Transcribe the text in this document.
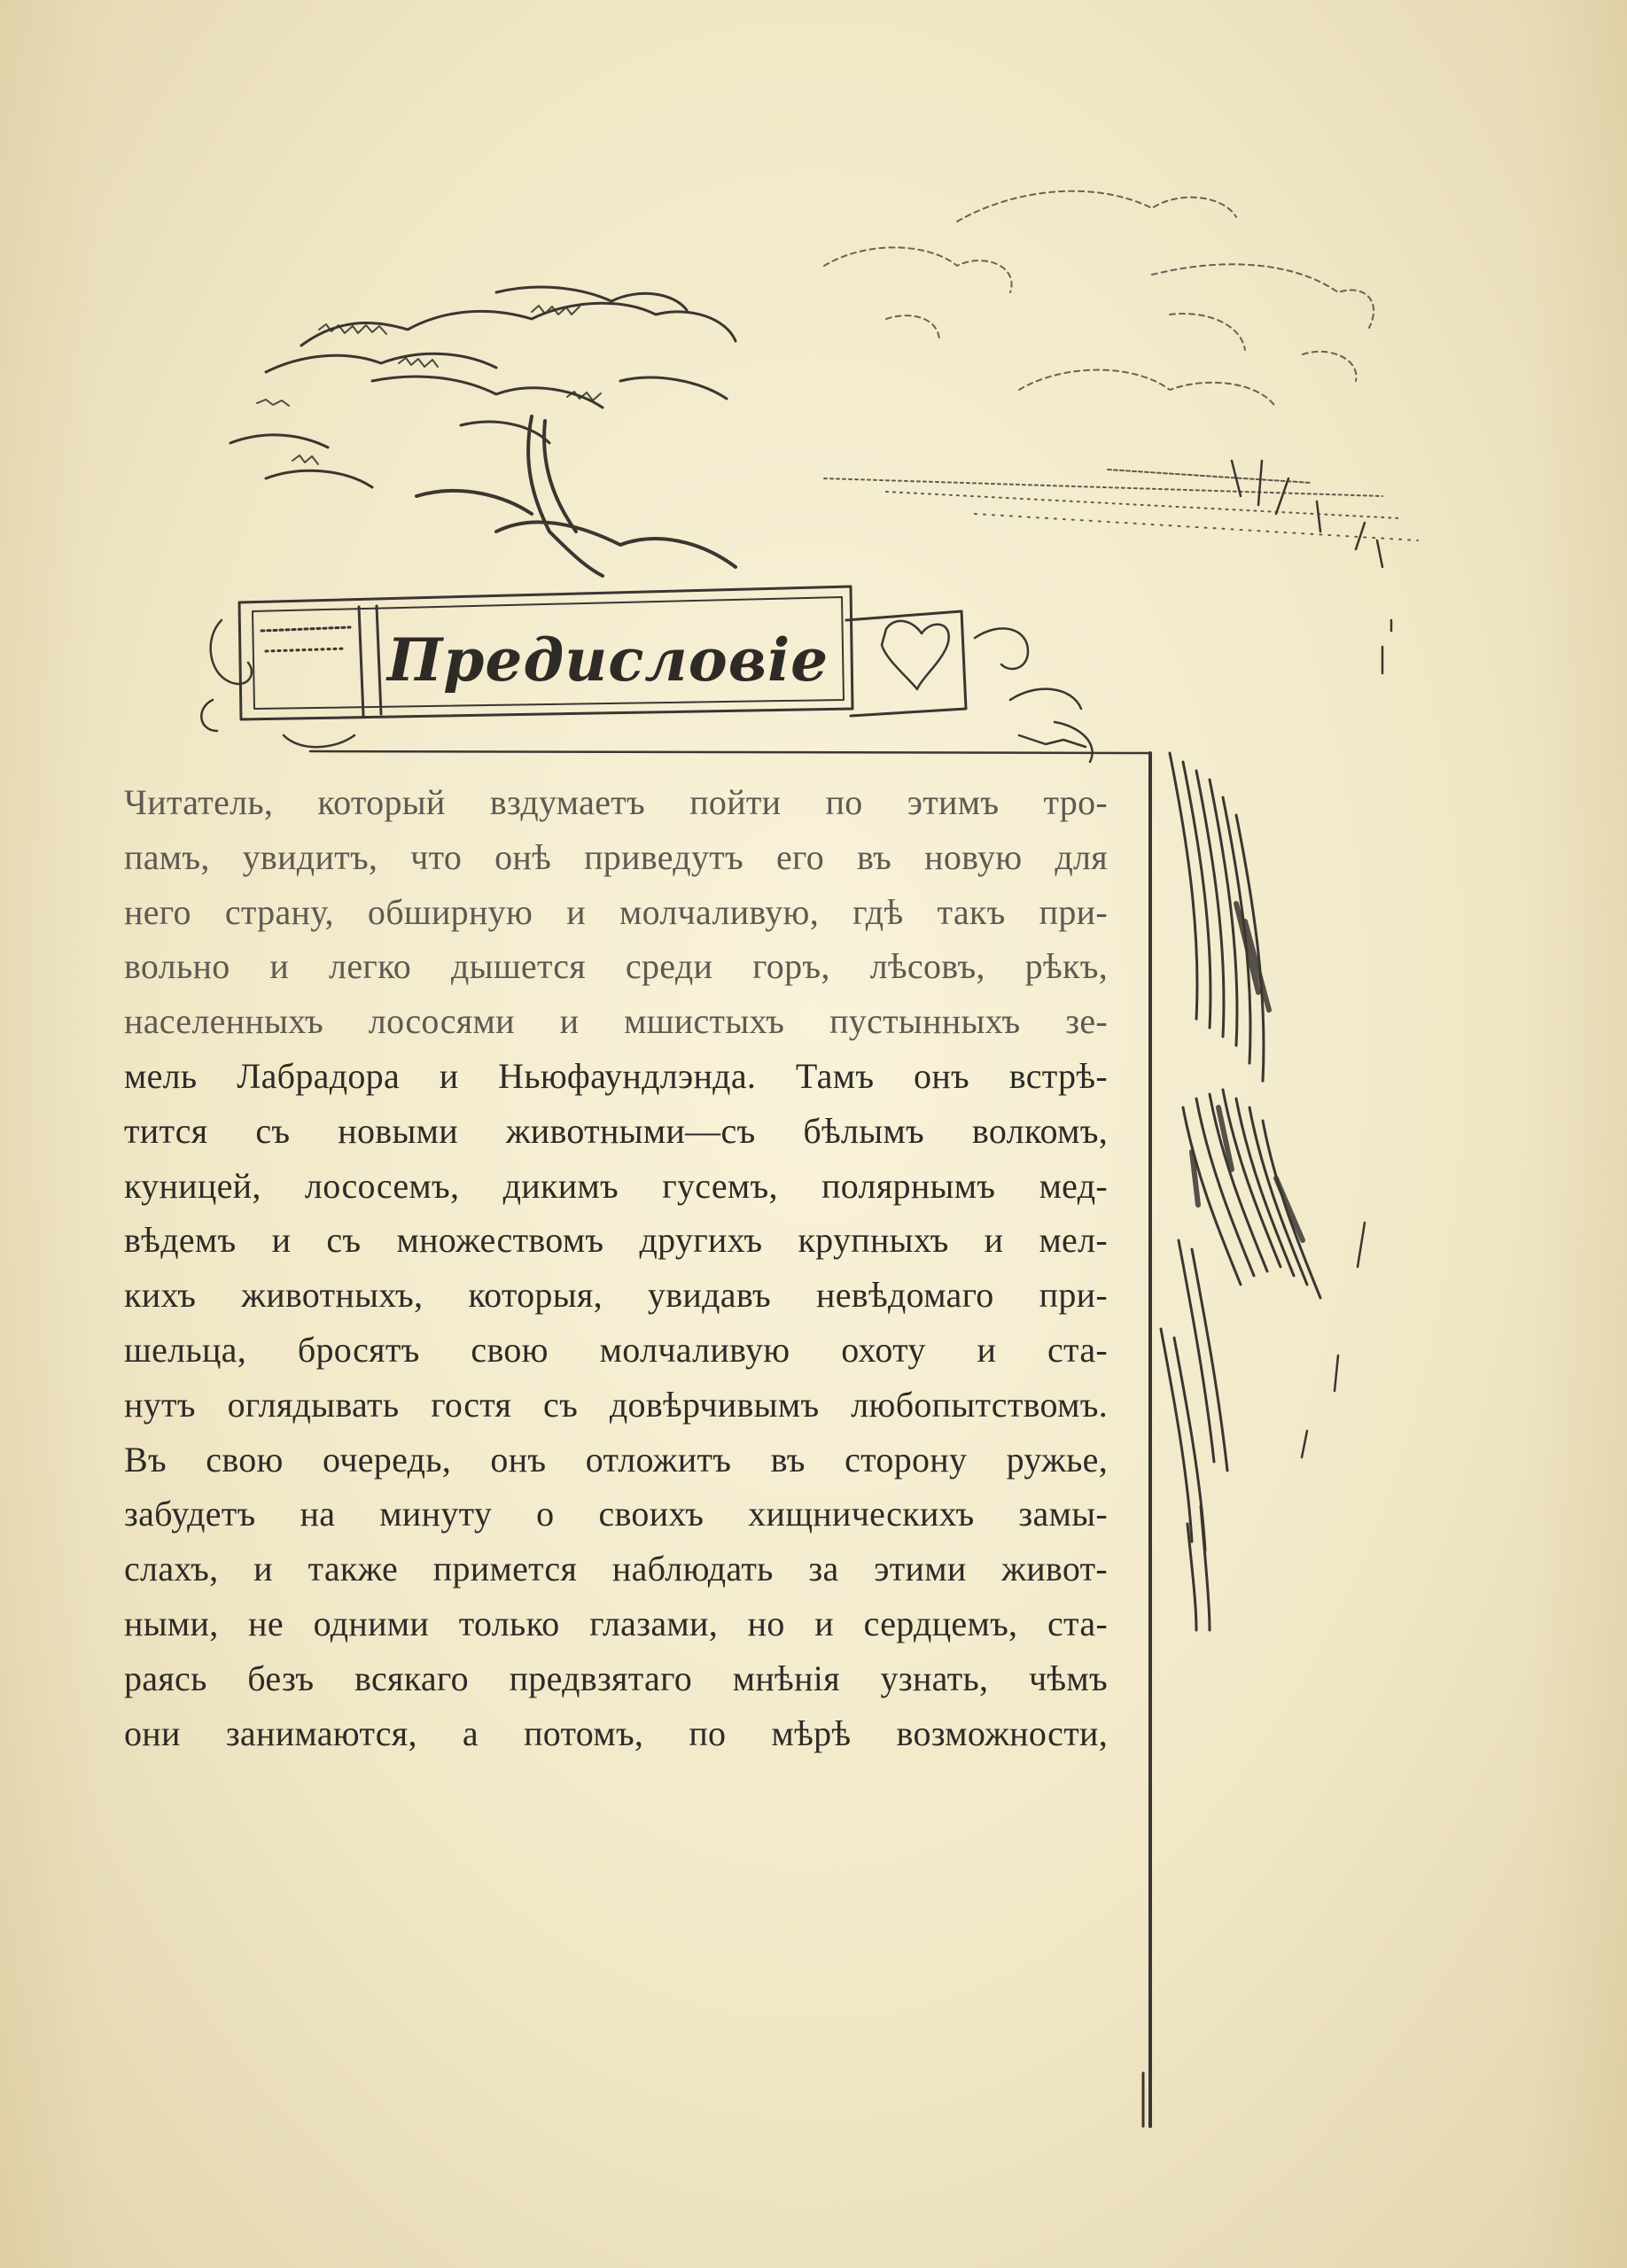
Предисловіе
Читатель, который вздумаетъ пойти по этимъ тро-
пaмъ, увидитъ, что онѣ приведутъ его въ новую для
него страну, обширную и молчаливую, гдѣ такъ при-
вольно и легко дышется среди горъ, лѣсовъ, рѣкъ,
населенныхъ лососями и мшистыхъ пустынныхъ зе-
мель Лабрадора и Ньюфаундлэнда. Тамъ онъ встрѣ-
тится съ новыми животными—съ бѣлымъ волкомъ,
куницей, лососемъ, дикимъ гусемъ, полярнымъ мед-
вѣдемъ и съ множествомъ другихъ крупныхъ и мел-
кихъ животныхъ, которыя, увидавъ невѣдомаго при-
шельца, бросятъ свою молчаливую охоту и ста-
нутъ оглядывать гостя съ довѣрчивымъ любопытствомъ.
Въ свою очередь, онъ отложитъ въ сторону ружье,
забудетъ на минуту о своихъ хищническихъ замы-
слахъ, и также примется наблюдать за этими живот-
ными, не одними только глазами, но и сердцемъ, ста-
раясь безъ всякаго предвзятаго мнѣнія узнать, чѣмъ
они занимаются, а потомъ, по мѣрѣ возможности,
